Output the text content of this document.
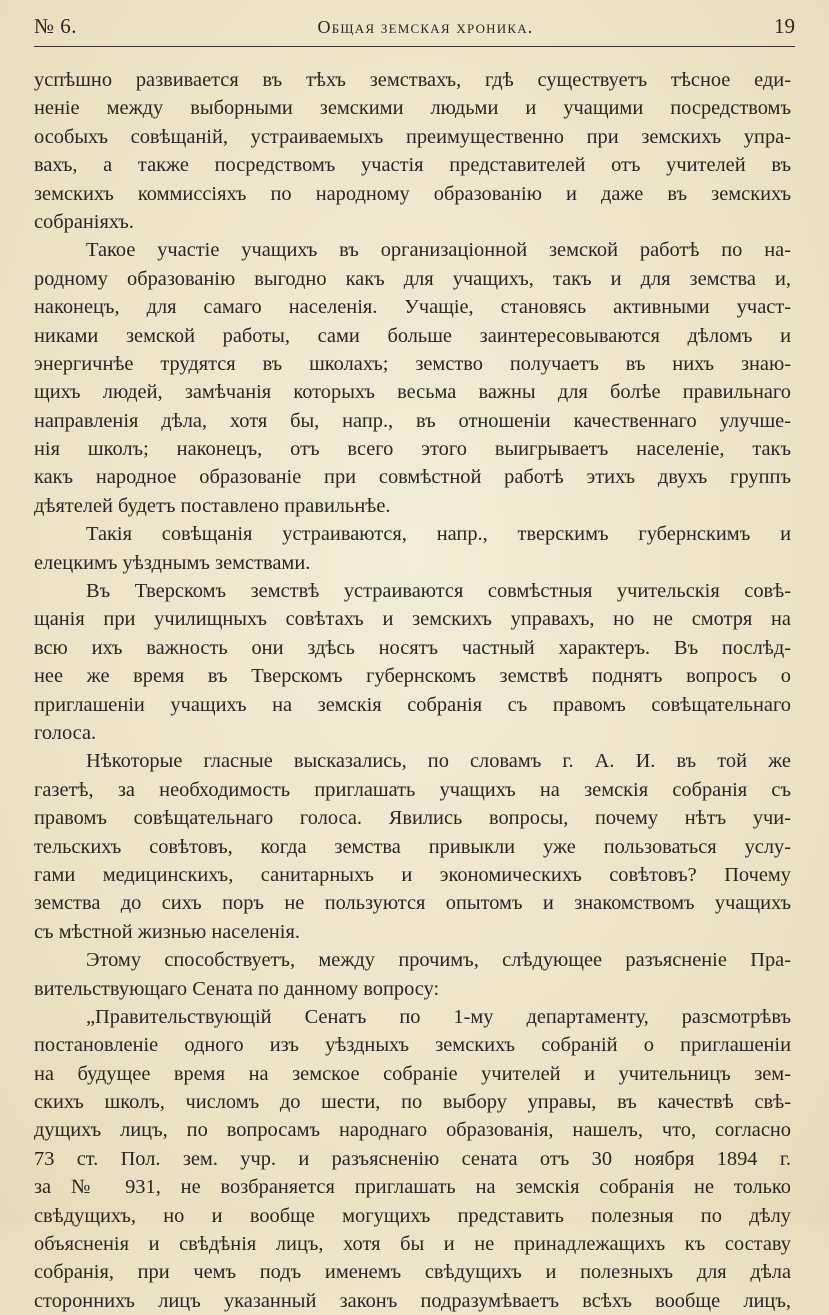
№ 6.	Общая земская хроника.	19
успѣшно развивается въ тѣхъ земствахъ, гдѣ существуетъ тѣсное еди-
неніе между выборными земскими людьми и учащими посредствомъ
особыхъ совѣщаній, устраиваемыхъ преимущественно при земскихъ упра-
вахъ, а также посредствомъ участія представителей отъ учителей въ
земскихъ коммиссіяхъ по народному образованію и даже въ земскихъ
собраніяхъ.
Такое участіе учащихъ въ организаціонной земской работѣ по на-
родному образованію выгодно какъ для учащихъ, такъ и для земства и,
наконецъ, для самаго населенія. Учащіе, становясь активными участ-
никами земской работы, сами больше заинтересовываются дѣломъ и
энергичнѣе трудятся въ школахъ; земство получаетъ въ нихъ знаю-
щихъ людей, замѣчанія которыхъ весьма важны для болѣе правильнаго
направленія дѣла, хотя бы, напр., въ отношеніи качественнаго улучше-
нія школъ; наконецъ, отъ всего этого выигрываетъ населеніе, такъ
какъ народное образованіе при совмѣстной работѣ этихъ двухъ группъ
дѣятелей будетъ поставлено правильнѣе.
Такія совѣщанія устраиваются, напр., тверскимъ губернскимъ и
елецкимъ уѣзднымъ земствами.
Въ Тверскомъ земствѣ устраиваются совмѣстныя учительскія совѣ-
щанія при училищныхъ совѣтахъ и земскихъ управахъ, но не смотря на
всю ихъ важность они здѣсь носятъ частный характеръ. Въ послѣд-
нее же время въ Тверскомъ губернскомъ земствѣ поднятъ вопросъ о
приглашеніи учащихъ на земскія собранія съ правомъ совѣщательнаго
голоса.
Нѣкоторые гласные высказались, по словамъ г. А. И. въ той же
газетѣ, за необходимость приглашать учащихъ на земскія собранія съ
правомъ совѣщательнаго голоса. Явились вопросы, почему нѣтъ учи-
тельскихъ совѣтовъ, когда земства привыкли уже пользоваться услу-
гами медицинскихъ, санитарныхъ и экономическихъ совѣтовъ? Почему
земства до сихъ поръ не пользуются опытомъ и знакомствомъ учащихъ
съ мѣстной жизнью населенія.
Этому способствуетъ, между прочимъ, слѣдующее разъясненіе Пра-
вительствующаго Сената по данному вопросу:
„Правительствующій Сенатъ по 1-му департаменту, разсмотрѣвъ
постановленіе одного изъ уѣздныхъ земскихъ собраній о приглашеніи
на будущее время на земское собраніе учителей и учительницъ зем-
скихъ школъ, числомъ до шести, по выбору управы, въ качествѣ свѣ-
дущихъ лицъ, по вопросамъ народнаго образованія, нашелъ, что, согласно
73 ст. Пол. зем. учр. и разъясненію сената отъ 30 ноября 1894 г.
за № 931, не возбраняется приглашать на земскія собранія не только
свѣдущихъ, но и вообще могущихъ представить полезныя по дѣлу
объясненія и свѣдѣнія лицъ, хотя бы и не принадлежащихъ къ составу
собранія, при чемъ подъ именемъ свѣдущихъ и полезныхъ для дѣла
стороннихъ лицъ указанный законъ подразумѣваетъ всѣхъ вообще лицъ,
